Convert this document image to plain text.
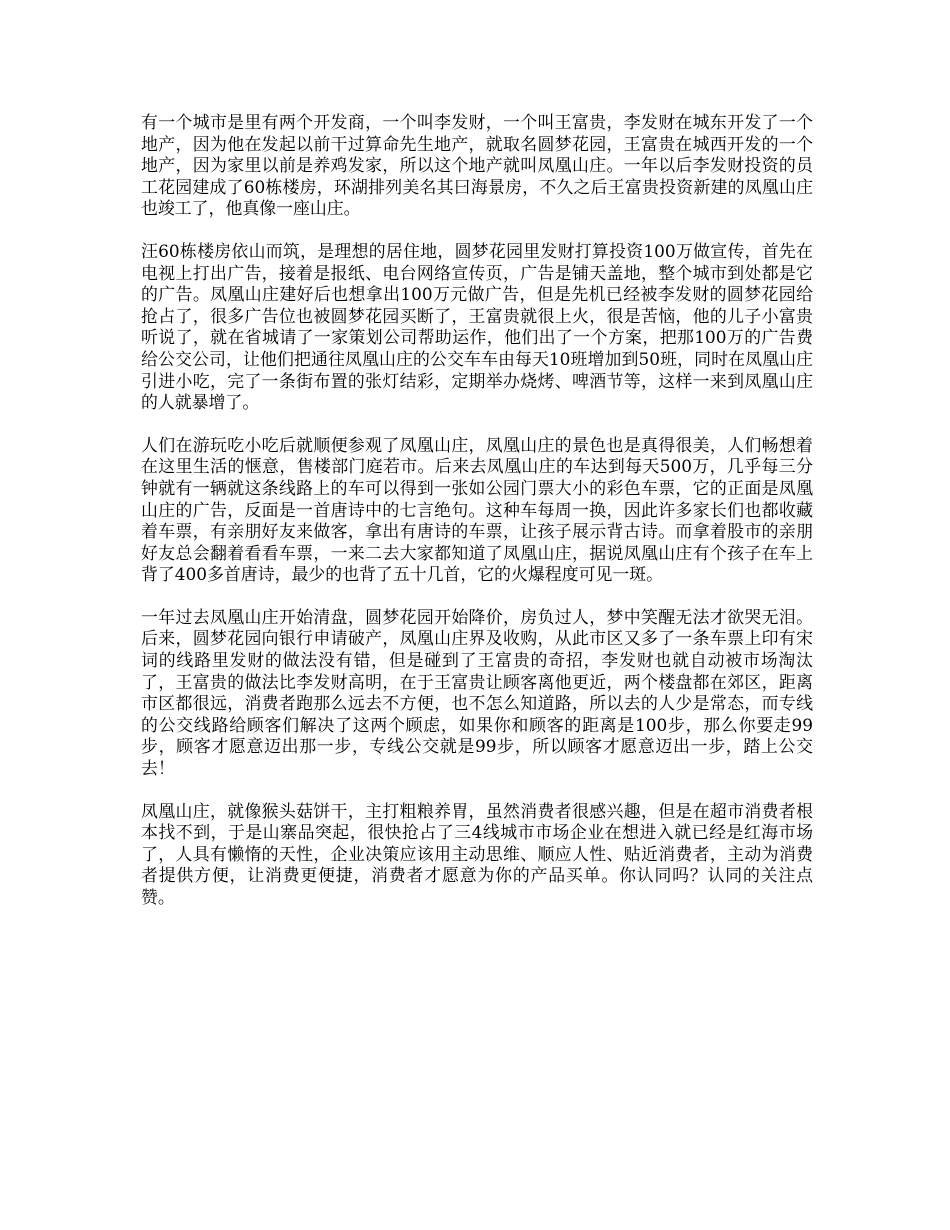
有一个城市是里有两个开发商，一个叫李发财，一个叫王富贵，李发财在城东开发了一个地产，因为他在发起以前干过算命先生地产，就取名圆梦花园，王富贵在城西开发的一个地产，因为家里以前是养鸡发家，所以这个地产就叫凤凰山庄。一年以后李发财投资的员工花园建成了60栋楼房，环湖排列美名其曰海景房，不久之后王富贵投资新建的凤凰山庄也竣工了，他真像一座山庄。

汪60栋楼房依山而筑，是理想的居住地，圆梦花园里发财打算投资100万做宣传，首先在电视上打出广告，接着是报纸、电台网络宣传页，广告是铺天盖地，整个城市到处都是它的广告。凤凰山庄建好后也想拿出100万元做广告，但是先机已经被李发财的圆梦花园给抢占了，很多广告位也被圆梦花园买断了，王富贵就很上火，很是苦恼，他的儿子小富贵听说了，就在省城请了一家策划公司帮助运作，他们出了一个方案，把那100万的广告费给公交公司，让他们把通往凤凰山庄的公交车车由每天10班增加到50班，同时在凤凰山庄引进小吃，完了一条街布置的张灯结彩，定期举办烧烤、啤酒节等，这样一来到凤凰山庄的人就暴增了。

人们在游玩吃小吃后就顺便参观了凤凰山庄，凤凰山庄的景色也是真得很美，人们畅想着在这里生活的惬意，售楼部门庭若市。后来去凤凰山庄的车达到每天500万，几乎每三分钟就有一辆就这条线路上的车可以得到一张如公园门票大小的彩色车票，它的正面是凤凰山庄的广告，反面是一首唐诗中的七言绝句。这种车每周一换，因此许多家长们也都收藏着车票，有亲朋好友来做客，拿出有唐诗的车票，让孩子展示背古诗。而拿着股市的亲朋好友总会翻着看看车票，一来二去大家都知道了凤凰山庄，据说凤凰山庄有个孩子在车上背了400多首唐诗，最少的也背了五十几首，它的火爆程度可见一斑。

一年过去凤凰山庄开始清盘，圆梦花园开始降价，房负过人，梦中笑醒无法才欲哭无泪。后来，圆梦花园向银行申请破产，凤凰山庄界及收购，从此市区又多了一条车票上印有宋词的线路里发财的做法没有错，但是碰到了王富贵的奇招，李发财也就自动被市场淘汰了，王富贵的做法比李发财高明，在于王富贵让顾客离他更近，两个楼盘都在郊区，距离市区都很远，消费者跑那么远去不方便，也不怎么知道路，所以去的人少是常态，而专线的公交线路给顾客们解决了这两个顾虑，如果你和顾客的距离是100步，那么你要走99步，顾客才愿意迈出那一步，专线公交就是99步，所以顾客才愿意迈出一步，踏上公交去！

凤凰山庄，就像猴头菇饼干，主打粗粮养胃，虽然消费者很感兴趣，但是在超市消费者根本找不到，于是山寨品突起，很快抢占了三4线城市市场企业在想进入就已经是红海市场了，人具有懒惰的天性，企业决策应该用主动思维、顺应人性、贴近消费者，主动为消费者提供方便，让消费更便捷，消费者才愿意为你的产品买单。你认同吗？认同的关注点赞。
